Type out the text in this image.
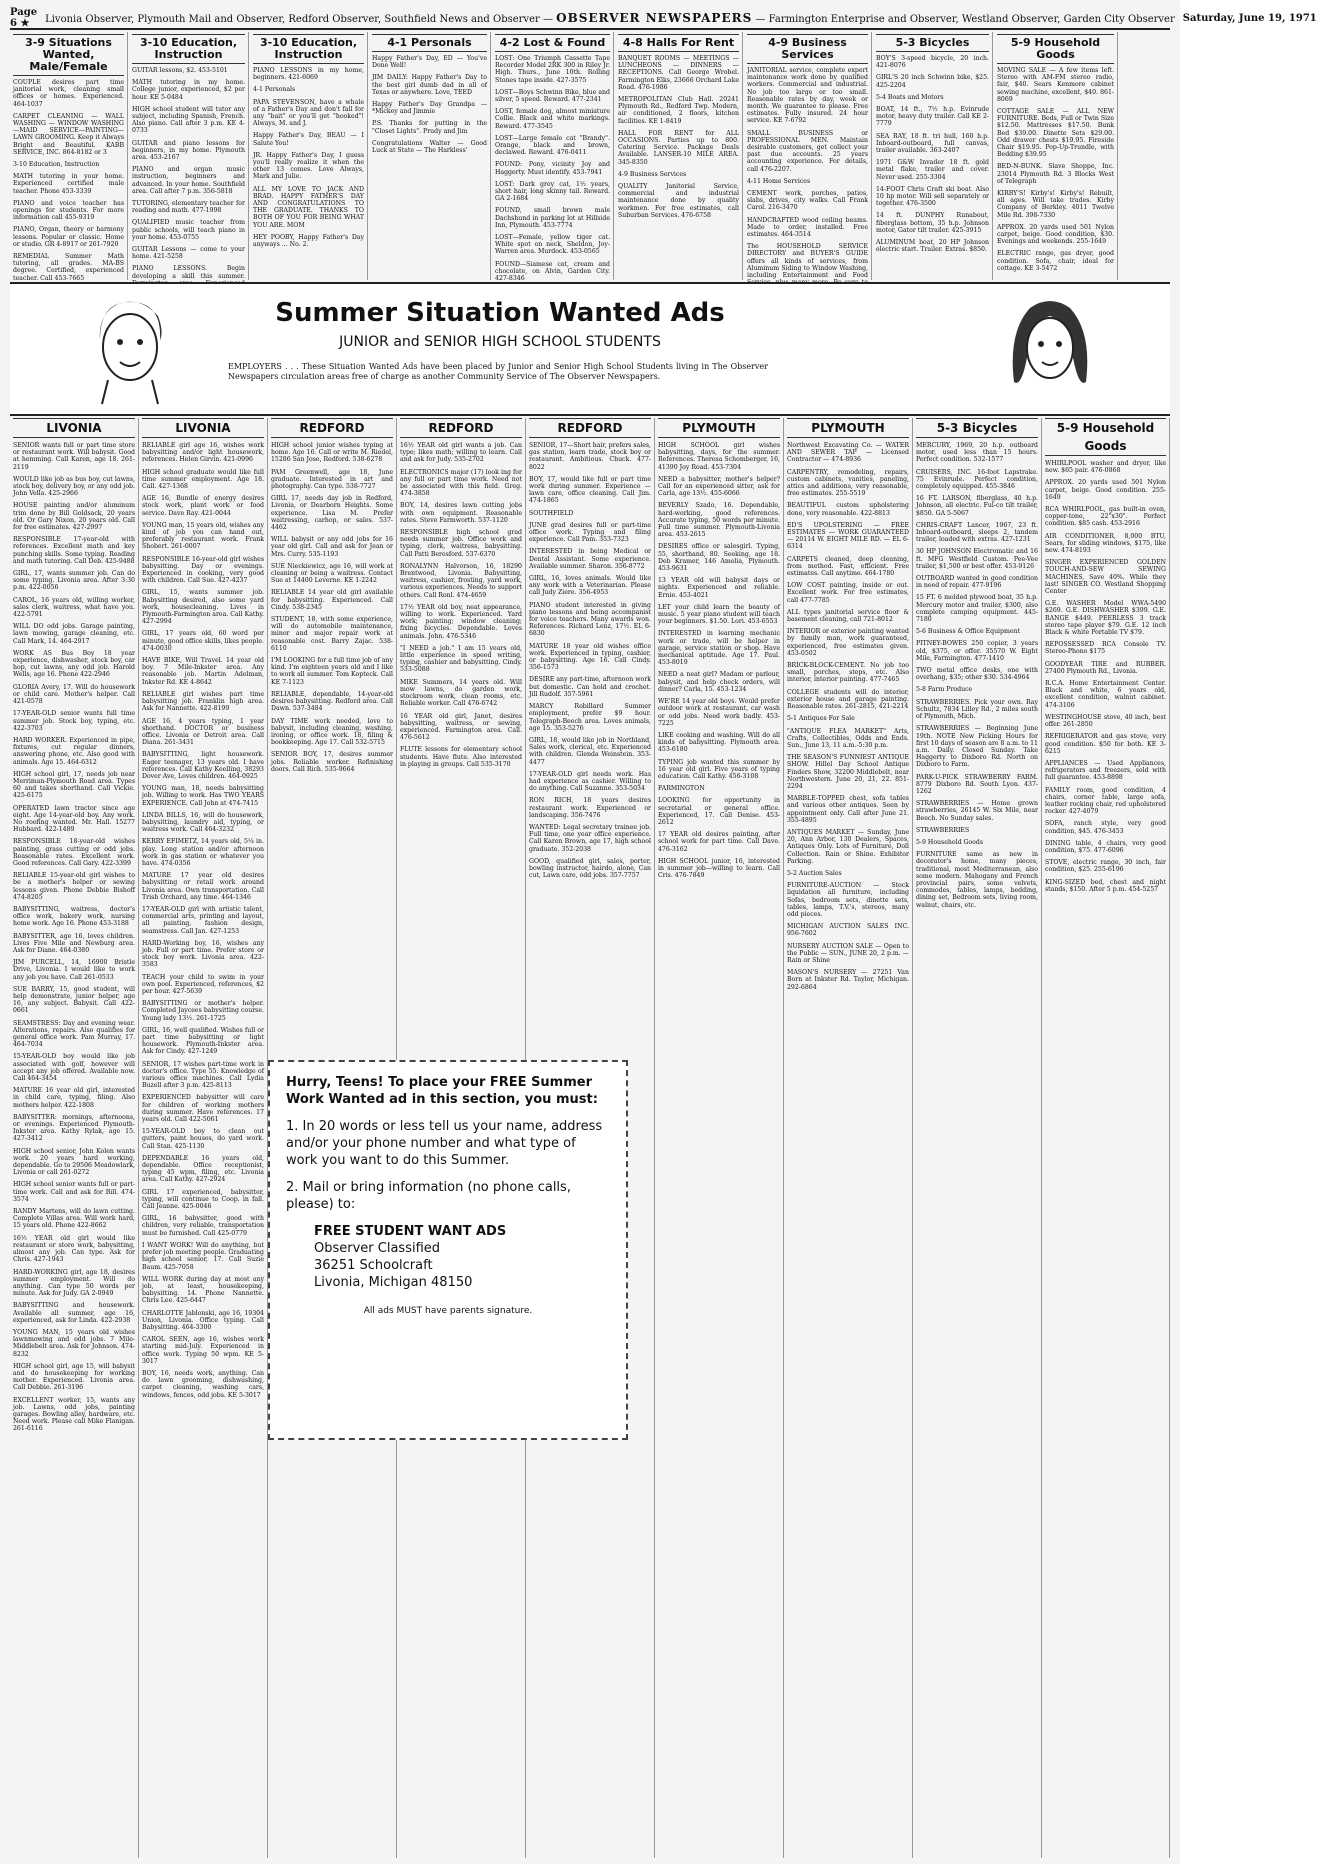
Page 6 ★	Livonia Observer, Plymouth Mail and Observer, Redford Observer, Southfield News and Observer — OBSERVER NEWSPAPERS — Farmington Enterprise and Observer, Westland Observer, Garden City Observer Saturday, June 19, 1971
3-9 Situations Wanted, Male/Female

COUPLE desires part time janitorial work, cleaning small offices or homes. Experienced. 464-1037

CARPET CLEANING — WALL WASHING — WINDOW WASHING—MAID SERVICE—PAINTING—LAWN GROOMING. Keep it Always Bright and Beautiful. KABB SERVICE, INC. 864-8182 or 3

3-10 Education, Instruction

MATH tutoring in your home. Experienced certified male teacher. Phone 453-3339

PIANO and voice teacher has openings for students. For more information call 455-9319

PIANO, Organ, theory or harmony lessons. Popular or classic. Home or studio. GR 4-8917 or 261-7920

REMEDIAL Summer Math tutoring, all grades. MA-BS degree. Certified, experienced teacher. Call 453-7665

3-10 Education, Instruction

GUITAR lessons, $2. 453-5101

MATH tutoring in my home. College junior, experienced, $2 per hour. KE 5-0484

HIGH school student will tutor any subject, including Spanish, French. Also piano. Call after 3 p.m. KE 4-0733

GUITAR and piano lessons for beginners, in my home. Plymouth area. 453-2167

PIANO and organ music instruction, beginners and advanced. In your home. Southfield area. Call after 7 p.m. 356-5818

TUTORING, elementary teacher for reading and math. 477-1998

QUALIFIED music teacher from public schools, will teach piano in your home. 453-0755

GUITAR Lessons — come to your home. 421-5258

PIANO LESSONS. Begin developing a skill this summer.

3-10 Education, Instruction

PIANO LESSONS in my home, beginners. 421-6069

4-1 Personals

PAPA STEVENSON, have a whale of a Father's Day and don't fall for any "bait" or you'll get "hooked"! Always, M. and J.

Happy Father's Day, BEAU — I Salute You!

JR. Happy Father's Day, I guess you'll really realize it when the other 13 comes. Love Always, Mark and Julie.

ALL MY LOVE TO JACK AND BRAD. HAPPY FATHER'S DAY AND CONGRATULATIONS TO THE GRADUATE. THANKS TO BOTH OF YOU FOR BEING WHAT YOU ARE. MOM

HEY POOBY, Happy Father's Day anyways ... No. 2.

4-1 Personals

Happy Father's Day, ED — You've Done Well!

JIM DAILY: Happy Father's Day to the best girl dumb dad in all of Texas or anywhere. Love, TEED

Happy Father's Day Grandpa — *Mickey and Jimmie

P.S. Thanks for putting in the "Closet Lights". Prudy and Jim

Congratulations Walter — Good Luck at State — The Harkless'

4-2 Lost & Found

LOST: One Triumph Cassette Tape Recorder Model 2RK 300 in Riley Jr. High. Thurs., June 10th. Rolling Stones tape inside. 427-3575

LOST—Boys Schwinn Bike, blue and silver, 5 speed. Reward. 477-2341

LOST, female dog, almost miniature Collie. Black and white markings. Reward. 477-3545

LOST—Large female cat "Brandy". Orange, black and brown, declawed. Reward. 476-0411

FOUND: Pony, vicinity Joy and Haggerty. Must identify. 453-7941

LOST: Dark grey cat, 1½ years, short hair, long skinny tail. Reward. GA 2-1684

FOUND, small brown male Dachshund in parking lot at Hillside Inn, Plymouth. 453-7774

LOST—Female, yellow tiger cat. White spot on neck, Sheldon, Joy-Warren area. Murdock. 453-0565

FOUND—Siamese cat, cream and chocolate, on Alvin, Garden City. 427-8346

4-8 Halls For Rent

BANQUET ROOMS — MEETINGS — LUNCHEONS — DINNERS — RECEPTIONS. Call George Wrobel. Farmington Elks, 23666 Orchard Lake Road. 476-1986

METROPOLITAN Club Hall. 20241 Plymouth Rd., Redford Twp. Modern, air conditioned, 2 floors, kitchen facilities. KE 1-8419

HALL FOR RENT for ALL OCCASIONS. Parties up to 800. Catering Service. Package Deals Available. LANSER-10 MILE AREA. 345-8350

4-9 Business Services

QUALITY Janitorial Service, commercial and industrial maintenance done by quality workmen. For free estimates, call Suburban Services. 476-6758

4-9 Business Services

JANITORIAL service, complete expert maintenance work done by qualified workers. Commercial and industrial. No job too large or too small. Reasonable rates by day, week or month. We guarantee to please. Free estimates. Fully insured. 24 hour service. KE 7-6792

SMALL BUSINESS or PROFESSIONAL MEN. Maintain desirable customers, get collect your past due accounts. 25 years accounting experience. For details, call 476-2207.

4-11 Home Services

CEMENT work, porches, patios, slabs, drives, city walks. Call Frank Carol. 216-3470

HANDCRAFTED wood ceiling beams. Made to order, installed. Free estimates. 464-3514

The HOUSEHOLD SERVICE DIRECTORY and BUYER'S GUIDE offers all kinds of services, from Aluminum Siding to Window Washing, including Entertainment and Food

5-3 Bicycles

BOY'S 3-speed bicycle, 20 inch. 421-8076

GIRL'S 20 inch Schwinn bike, $25. 425-2204

5-4 Boats and Motors

BOAT, 14 ft., 7½ h.p. Evinrude motor, heavy duty trailer. Call KE 2-7779

SEA RAY, 18 ft. tri hull, 160 h.p. Inboard-outboard, full canvas, trailer available. 363-2407

1971 G&W Invader 18 ft. gold metal flake, trailer and cover. Never used. 255-3304

14-FOOT Chris Craft ski boat. Also 10 hp motor. Will sell separately or together. 476-3500

14 ft. DUNPHY Runabout, fiberglass bottom, 35 h.p. Johnson motor, Gator tilt trailer. 425-3915

ALUMINUM boat, 20 HP Johnson electric start. Trailer. Extras. $850.

5-9 Household Goods

MOVING SALE — A few items left. Stereo with AM-FM stereo radio, fair, $40. Sears Kenmore cabinet sewing machine, excellent, $40. 861-8069

COTTAGE SALE — ALL NEW FURNITURE. Beds, Full or Twin Size $12.50. Mattresses $17.50. Bunk Bed $39.00. Dinette Sets $29.00. Odd drawer chests $19.95. Fireside Chair $19.95. Pop-Up-Trundle, with Bedding $39.95

BED-N-BUNK. Slave Shoppe, Inc. 23014 Plymouth Rd. 3 Blocks West of Telegraph

KIRBY'S! Kirby's! Kirby's! Rebuilt, all ages. Will take trades. Kirby Company of Berkley. 4011 Twelve Mile Rd. 398-7330

APPROX. 20 yards used 501 Nylon carpet, beige. Good condition, $30. Evenings and weekends. 255-1649

ELECTRIC range, gas dryer, good condition. Sofa, chair, ideal for cottage. KE 3-5472

Summer Situation Wanted Ads
JUNIOR and SENIOR HIGH SCHOOL STUDENTS
EMPLOYERS . . . These Situation Wanted Ads have been placed by Junior and Senior High School Students living in The Observer Newspapers circulation areas free of charge as another Community Service of The Observer Newspapers.
LIVONIA

SENIOR wants full or part time store or restaurant work. Will babysit. Good at hemming. Call Karen, age 18. 261-2119

WOULD like job as bus boy, cut lawns, stock boy, delivery boy, or any odd job. John Vella. 425-2966

HOUSE painting and/or aluminum trim done by Bill Goldsack, 20 years old. Or Gary Nixon, 20 years old. Call for free estimates. 427-2997

RESPONSIBLE 17-year-old with references. Excellent math and key punching skills. Some typing. Reading and math tutoring. Call Deb. 425-9488

GIRL, 17, wants summer job. Can do some typing. Livonia area. After 3:30 p.m. 422-0056

CAROL, 16 years old, willing worker, sales clerk, waitress, what have you. 422-5791

WILL DO odd jobs. Garage painting, lawn mowing, garage cleaning, etc. Call Mark, 14. 464-2917

WORK AS Bus Boy 18 year experience, dishwasher, stock boy, car hop, cut lawns, any odd job. Harold Wells, age 16. Phone 422-2946

GLORIA Avery, 17. Will do housework or child care. Mother's helper. Call 421-0578

17-YEAR-OLD senior wants full time summer job. Stock boy, typing, etc. 422-3703

HARD WORKER. Experienced in pipe, fixtures, cut regular dinners, answering phone, etc. Also good with animals. Age 15. 464-6312

HIGH school girl, 17, needs job near Merriman-Plymouth Road area. Types 60 and takes shorthand. Call Vickie. 425-6175

OPERATED lawn tractor since age eight. Age 14-year-old boy. Any work. No roofing wanted. Mr. Hall. 15277 Hubbard. 422-1489

RESPONSIBLE 18-year-old wishes painting, grass cutting or odd jobs. Reasonable rates. Excellent work. Good references. Call Gary. 422-3399

RELIABLE 15-year-old girl wishes to be a mother's helper or sewing lessons given. Phone Debbie Bishoff 474-8205

BABYSITTING, waitress, doctor's office work, bakery work, nursing home work. Age 16. Phone 453-3188

BABYSITTER, age 16, loves children. Lives Five Mile and Newburg area. Ask for Diane. 464-0380

JIM PURCELL, 14, 16900 Bristle Drive, Livonia. I would like to work any job you have. Call 261-0533

SUE BARRY, 15, good student, will help demonstrate, junior helper, age 16, any subject. Babysit. Call 422-0661

SEAMSTRESS: Day and evening wear. Alterations, repairs. Also qualifies for general office work. Pam Murray, 17. 464-7034

15-YEAR-OLD boy would like job associated with golf, however will accept any job offered. Available now. Call 464-3454

MATURE 16 year old girl, interested in child care, typing, filing. Also mothers helper. 422-1808

BABYSITTER: mornings, afternoons, or evenings. Experienced Plymouth-Inkster area. Kathy Rylak, age 15. 427-3412

HIGH school senior, John Kolen wants work. 20 years hard working, dependable. Go to 29506 Meadowlark, Livonia or call 261-0272

HIGH school senior wants full or part-time work. Call and ask for Bill. 474-3574

RANDY Martens, will do lawn cutting. Complete Villas area. Will work hard, 15 years old. Phone 422-8662

16½ YEAR old girl would like restaurant or store work, babysitting, almost any job. Can type. Ask for Chris. 427-1943

HARD-WORKING girl, age 18, desires summer employment. Will do anything. Can type 50 words per minute. Ask for Judy. GA 2-0949

BABYSITTING and housework. Available all summer, age 16, experienced, ask for Linda. 422-2938

YOUNG MAN, 15 years old wishes lawnmowing and odd jobs. 7 Mile-Middlebelt area. Ask for Johnson. 474-8232

HIGH school girl, age 15, will babysit and do housekeeping for working mother. Experienced. Livonia area. Call Debbie. 261-3196

EXCELLENT worker, 15, wants any job. Lawns, odd jobs, painting garages. Bowling alley, hardware, etc. Need work. Please call Mike Flanigan. 261-6116

LIVONIA

RELIABLE girl age 16, wishes work babysitting and/or light housework, references. Helen Girvin. 421-0996

HIGH school graduate would like full time summer employment. Age 18. Call. 427-1368

AGE 16, Bundle of energy desires stock work, plant work or food service. Dave Ray. 421-0044

YOUNG man, 15 years old, wishes any kind of job you can hand out, preferably restaurant work. Frank Shobert. 261-0007

RESPONSIBLE 16-year-old girl wishes babysitting. Day or evenings. Experienced in cooking, very good with children. Call Sue. 427-4237

GIRL, 15, wants summer job. Babysitting desired, also some yard work, housecleaning. Lives in Plymouth-Farmington area. Call Kathy. 427-2994

GIRL, 17 years old, 60 word per minute, good office skills, likes people. 474-0030

HAVE BIKE, Will Travel. 14 year old boy. 7 Mile-Inkster area. Any reasonable job. Martin Adelman, Inkster Rd. KE 4-8642

RELIABLE girl wishes part time babysitting job. Franklin high area. Ask for Nannette. 422-8199

AGE 16, 4 years typing, 1 year shorthand. DOCTOR or business office. Livonia or Detroit area. Call Diana. 261-3431

BABYSITTING, light housework. Eager teenager, 13 years old. I have references. Call Kathy Keelling, 38293 Dover Ave, Loves children. 464-0925

YOUNG man, 18, needs babysitting job. Willing to work. Has TWO YEARS EXPERIENCE. Call John at 474-7415

LINDA BILLS, 16, will do housework, babysitting, laundry aid, typing, or waitress work. Call 464-3232

KERRY EFIMETZ, 14 years old, 5¼ in. play. Long station and/or afternoon work in gas station or whatever you have. 474-0356

MATURE 17 year old desires babysitting or retail work around Livonia area. Own transportation. Call Trish Orchard, any time. 464-1346

17-YEAR-OLD girl with artistic talent, commercial arts, printing and layout, all painting, fashion design, seamstress. Call Jan. 427-1253

HARD-Working boy, 16, wishes any job. Full or part time. Prefer store or stock boy work. Livonia area. 422-3583

TEACH your child to swim in your own pool. Experienced, references, $2 per hour. 427-5639

BABYSITTING or mother's helper. Completed Jaycees babysitting course. Young lady 13½. 261-1725

GIRL, 16, well qualified. Wishes full or part time babysitting or light housework. Plymouth-Inkster area. Ask for Cindy. 427-1249

SENIOR, 17 wishes part-time work in doctor's office. Type 55. Knowledge of various office machines. Call Lydia Buzell after 3 p.m. 425-8113

EXPERIENCED babysitter will care for children of working mothers during summer. Have references. 17 years old. Call 422-5061

15-YEAR-OLD boy to clean out gutters, paint houses, do yard work. Call Stan. 425-1130

DEPENDABLE 16 years old, dependable. Office receptionist, typing 45 wpm, filing, etc. Livonia area. Call Kathy. 427-2924

GIRL 17 experienced, babysitter, typing, will continue to Coop. in fall. Call Jeanne. 425-0046

GIRL, 16 babysitter, good with children, very reliable, transportation must be furnished. Call 425-0779

I WANT WORK! Will do anything, but prefer job meeting people. Graduating high school senior, 17. Call Suzie Baum. 425-7058

WILL WORK during day at most any job, at least, housekeeping, babysitting. 14. Phone Nannette. Chris Lee. 425-6447

CHARLOTTE Jablonski, age 16, 19304 Union, Livonia. Office typing. Call Babysitting. 464-3300

CAROL SEEN, age 16, wishes work starting mid-July. Experienced in office work. Typing 50 wpm. KE 5-3017

BOY, 16, needs work, anything. Can do lawn grooming, dishwashing, carpet cleaning, washing cars, windows, fences, odd jobs. KE 5-3017

REDFORD

HIGH school junior wishes typing at home. Age 16. Call or write M. Riedel, 15286 San Jose, Redford. 538-6278

PAM Greenwell, age 18, June graduate. Interested in art and photography. Can type. 538-7727

GIRL 17, needs day job in Redford, Livonia, or Dearborn Heights. Some experience. Lisa M. Prefer waitressing, carhop, or sales. 537-4462

WILL babysit or any odd jobs for 16 year old girl. Call and ask for Jean or Mrs. Curry. 535-1193

SUE Nieckiewicz, age 16, will work at cleaning or being a waitress. Contact Sue at 14400 Leverne. KE 1-2242

RELIABLE 14 year old girl available for babysitting. Experienced. Call Cindy. 538-2345

STUDENT, 18, with some experience, will do automobile maintenance, minor and major repair work at reasonable cost. Barry Zajac. 538-6110

I'M LOOKING for a full time job of any kind. I'm eighteen years old and I like to work all summer. Tom Kopteck. Call KE 7-1123

RELIABLE, dependable, 14-year-old desires babysitting. Redford area. Call Dawn. 537-3484

DAY TIME work needed, love to babysit, including cleaning, washing, ironing, or office work. 18, filing & bookkeeping. Age 17. Call 532-5715

SENIOR BOY, 17, desires summer jobs. Reliable worker. Refinishing doors. Call Rich. 535-9664

REDFORD

16½ YEAR old girl wants a job. Can type; likes math; willing to learn. Call and ask for Judy. 535-2702

ELECTRONICS major (17) look ing for any full or part time work. Need not be associated with this field. Greg. 474-3858

BOY, 14, desires lawn cutting jobs with own equipment. Reasonable rates. Steve Farmworth. 537-1120

RESPONSIBLE high school grad needs summer job. Office work and typing, clerk, waitress, babysitting. Call Patti Beresford. 537-6370

RONALYNN Halvorson, 16, 18290 Brentwood, Livonia. Babysitting, waitress, cashier, frosting, yard work, various experiences. Needs to support others. Call Ronl. 474-4659

17½ YEAR old boy, neat appearance, willing to work. Experienced. Yard work; painting; window cleaning; fixing bicycles. Dependable. Loves animals. John. 476-5346

"I NEED a job." I am 15 years old, little experience in speed writing, typing, cashier and babysitting. Cindy. 533-5088

MIKE Summers, 14 years old. Will mow lawns, do garden work, stockroom work, clean rooms, etc. Reliable worker. Call 476-6742

16 YEAR old girl, Janet, desires babysitting, waitress, or sewing, experienced. Farmington area. Call. 476-5612

FLUTE lessons for elementary school students. Have flute. Also interested in playing in groups. Call 535-3170

REDFORD

SENIOR, 17—Short hair, prefers sales, gas station, learn trade, stock boy or restaurant. Ambitious. Chuck. 477-8022

BOY, 17, would like full or part time work during summer. Experience — lawn care, office cleaning. Call Jim. 474-1865

SOUTHFIELD

JUNE grad desires full or part-time office work. Typing and filing experience. Call Pam. 353-7323

INTERESTED in being Medical or Dental Assistant. Some experience. Available summer. Sharon. 356-8772

GIRL, 16, loves animals. Would like any work with a Veterinarian. Please call Judy Ziere. 356-4953

PIANO student interested in giving piano lessons and being accompanist for voice teachers. Many awards won. References. Richard Lenz, 17½. EL 6-6830

MATURE 18 year old wishes office work. Experienced in typing, cashier, or babysitting. Age 16. Call Cindy. 356-1573

DESIRE any part-time, afternoon work but domestic. Can hold and crochet. Jill Rudolf. 357-5961

MARCY Robillard Summer employment, prefer $9 hour. Telegraph-Beech area. Loves animals, age 15. 353-5276

GIRL, 18, would like job in Northland, Sales work, clerical, etc. Experienced with children. Glenda Weinstein. 353-4477

17-YEAR-OLD girl needs work. Has had experience as cashier. Willing to do anything. Call Suzanne. 353-5034

RON RICH, 18 years desires restaurant work. Experienced or landscaping. 356-7476

WANTED: Legal secretary trainee job. Full time, one year office experience. Call Karen Brown, age 17, high school graduate. 352-2038

GOOD, qualified girl, sales, porter, bowling instructor, hairdo, alone, Can cut, Lawn care, odd jobs. 357-7757

PLYMOUTH

HIGH SCHOOL girl wishes babysitting, days, for the summer. References. Theresa Schomberger, 16, 41390 Joy Road. 453-7304

NEED a babysitter, mother's helper? Call for an experienced sitter, ask for Carla, age 13½. 455-6066

BEVERLY Szado, 16. Dependable, hard-working, good references. Accurate typing, 50 words per minute. Full time summer. Plymouth-Livonia area. 453-2615

DESIRES office or salesgirl. Typing, 55, shorthand, 80. Seeking, age 18. Deb Kramer, 146 Amelia, Plymouth. 453-9631

13 YEAR old will babysit days or nights. Experienced and reliable. Ernie. 453-4021

LET your child learn the beauty of music. 5 year piano student will teach your beginners. $1.50. Lori. 453-6553

INTERESTED in learning mechanic work or trade, will be helper in garage, service station or shop. Have mechanical aptitude. Age 17. Paul. 453-8019

NEED a neat girl? Madam or parlour, babysit, and help check orders, will dinner? Carla, 15. 453-1234

WE'RE 14 year old boys. Would prefer outdoor work at restaurant, car wash or odd jobs. Need work badly. 453-7225

LIKE cooking and washing. Will do all kinds of babysitting. Plymouth area. 453-6180

TYPING job wanted this summer by 16 year old girl. Five years of typing education. Call Kathy. 456-3108

FARMINGTON

LOOKING for opportunity in secretarial or general office. Experienced, 17. Call Denise. 453-2612

17 YEAR old desires painting, after school work for part time. Call Dave. 476-3162

HIGH SCHOOL junior, 16, interested in summer job—willing to learn. Call Cris. 476-7849

PLYMOUTH

Northwest Excavating Co. — WATER AND SEWER TAP — Licensed Contractor — 474-8936

CARPENTRY, remodeling, repairs, custom cabinets, vanities, paneling, attics and additions, very reasonable, free estimates. 255-5519

BEAUTIFUL custom upholstering done, very reasonable. 422-8813

ED'S UPOLSTERING — FREE ESTIMATES — WORK GUARANTEED — 20114 W. EIGHT MILE RD. — EL 6-6314

CARPETS cleaned, deep cleaning, from method. Fast, efficient. Free estimates. Call anytime. 464-1780

LOW COST painting, inside or out. Excellent work. For free estimates, call 477-7785

ALL types janitorial service floor & basement cleaning, call 721-8012

INTERIOR or exterior painting wanted by family man, work guaranteed, experienced, free estimates given. 453-0502

BRICK-BLOCK-CEMENT. No job too small, porches, steps, etc. Also interior, interior painting. 477-7465

COLLEGE students will do interior, exterior house and garage painting. Reasonable rates. 261-2815, 421-2214

5-1 Antiques For Sale

"ANTIQUE FLEA MARKET" Arts, Crafts, Collectibles, Odds and Ends. Sun., June 13, 11 a.m.-5:30 p.m.

THE SEASON'S FUNNIEST ANTIQUE SHOW. Hillel Day School Antique Finders Show, 32200 Middlebelt, near Northwestern. June 20, 21, 22. 851-2294

MARBLE-TOPPED chest, sofa tables and various other antiques. Seen by appointment only. Call after June 21. 355-4895

ANTIQUES MARKET — Sunday, June 20, Ann Arbor, 130 Dealers, Spaces, Antiques Only. Lots of Furniture, Doll Collection. Rain or Shine. Exhibitor Parking.

5-2 Auction Sales

FURNITURE-AUCTION — Stock liquidation all furniture, including Sofas, bedroom sets, dinette sets, tables, lamps, T.V.'s, stereos, many odd pieces.

MICHIGAN AUCTION SALES INC. 956-7602

NURSERY AUCTION SALE — Open to the Public — SUN., JUNE 20, 2 p.m. — Rain or Shine

MASON'S NURSERY — 27251 Van Born at Inkster Rd. Taylor, Michigan. 292-6864

5-3 Bicycles

MERCURY, 1969, 20 h.p. outboard motor, used less than 15 hours. Perfect condition. 532-1577

CRUISERS, INC. 16-foot Lapstrake. 75 Evinrude. Perfect condition, completely equipped. 455-3846

16 FT. LARSON, fiberglass, 40 h.p. Johnson, all electric. Ful-co tilt trailer, $850. GA 5-5067

CHRIS-CRAFT Lancer, 1967, 23 ft. Inboard-outboard, sleeps 2, tandem trailer, loaded with extras. 427-1231

30 HP JOHNSON Electromatic and 16 ft. MFG Westfield Custom. Pee-Vee trailer, $1,500 or best offer. 453-9126

OUTBOARD wanted in good condition in need of repair. 477-9196

15 FT. 6 molded plywood boat, 35 h.p. Mercury motor and trailer, $300, also complete camping equipment. 445-7180

5-6 Business & Office Equipment

PITNEY-BOWES 250 copier, 3 years old, $375, or offer. 35570 W. Eight Mile, Farmington. 477-1410

TWO metal office desks, one with overhang, $35; other $30. 534-4964

5-8 Farm Produce

STRAWBERRIES. Pick your own. Ray Schultz, 7834 Lilley Rd., 2 miles south of Plymouth, Mich.

STRAWBERRIES — Beginning June 19th. NOTE New Picking Hours for first 10 days of season are 8 a.m. to 11 a.m. Daily. Closed Sunday. Take Haggerty to Dixboro Rd. North on Dixboro to Farm.

PARK-U-PICK STRAWBERRY FARM. 8779 Dixboro Rd. South Lyon. 437-1262

STRAWBERRIES — Home grown strawberries, 26145 W. Six Mile, near Beech. No Sunday sales.

STRAWBERRIES

5-9 Household Goods

FURNITURE same as new in decorator's home, many pieces, traditional, most Mediterranean, also some modern. Mahogany and French provincial pairs, some velvets, commodes, tables, lamps, bedding, dining set, Bedroom sets, living room, walnut, chairs, etc.

5-9 Household Goods

WHIRLPOOL washer and dryer, like new. $65 pair. 476-0868

APPROX. 20 yards used 501 Nylon carpet, beige. Good condition. 255-1649

RCA WHIRLPOOL, gas built-in oven, copper-tone, 22"x30". Perfect condition. $85 cash. 453-2916

AIR CONDITIONER, 8,000 BTU, Sears, for sliding windows, $175, like new. 474-8193

SINGER EXPERIENCED GOLDEN TOUCH-AND-SEW SEWING MACHINES. Save 40%. While they last! SINGER CO. Westland Shopping Center

G.E. WASHER Model WWA-5490 $269. G.E. DISHWASHER $399. G.E. RANGE $449. PEERLESS 3 track stereo tape player $79. G.E. 12 inch Black & white Portable TV $79.

REPOSSESSED RCA Console TV. Stereo-Phono $175

GOODYEAR TIRE and RUBBER. 27400 Plymouth Rd., Livonia.

R.C.A. Home Entertainment Center. Black and white, 6 years old, excellent condition, walnut cabinet. 474-3106

WESTINGHOUSE stove, 40 inch, best offer. 261-2850

REFRIGERATOR and gas stove, very good condition. $50 for both. KE 3-6215

APPLIANCES — Used Appliances, refrigerators and freezers, sold with full guarantee. 453-8898

FAMILY room, good condition, 4 chairs, corner table, large sofa, leather rocking chair, red upholstered rocker. 427-4079

SOFA, ranch style, very good condition, $45. 476-3453

DINING table, 4 chairs, very good condition, $75. 477-6096

STOVE, electric range, 30 inch, fair condition, $25. 255-6196

KING-SIZED bed, chest and night stands, $150. After 5 p.m. 454-5257

Hurry, Teens! To place your FREE Summer Work Wanted ad in this section, you must:

1. In 20 words or less tell us your name, address and/or your phone number and what type of work you want to do this Summer.

2. Mail or bring information (no phone calls, please) to:

FREE STUDENT WANT ADS
Observer Classified
36251 Schoolcraft
Livonia, Michigan 48150

All ads MUST have parents signature.
